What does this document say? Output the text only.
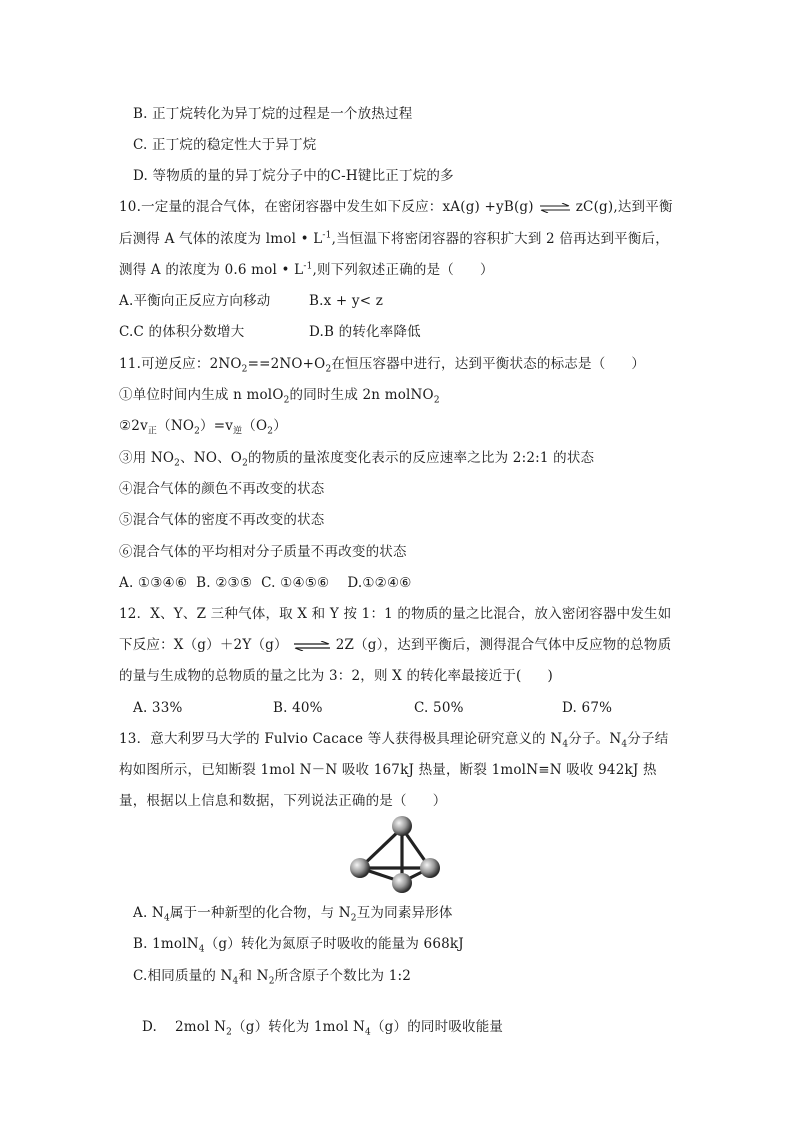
B. 正丁烷转化为异丁烷的过程是一个放热过程
C. 正丁烷的稳定性大于异丁烷
D. 等物质的量的异丁烷分子中的C-H键比正丁烷的多
10.一定量的混合气体，在密闭容器中发生如下反应：xA(g) +yB(g) ⇌ zC(g),达到平衡
后测得 A 气体的浓度为 lmol • $L^{-1}$,当恒温下将密闭容器的容积扩大到 2 倍再达到平衡后，
测得 A 的浓度为 0.6 mol • $L^{-1}$,则下列叙述正确的是（ ）
A.平衡向正反应方向移动	B.x + y< z
C.C 的体积分数增大	D.B 的转化率降低
11.可逆反应：$2NO_2==2NO+O_2$在恒压容器中进行，达到平衡状态的标志是（ ）
①单位时间内生成 n molO$_2$的同时生成 2n molNO$_2$
$②2v_正(NO_2)=v_逆(O_2)$
③用 $NO_2$、NO、$O_2$的物质的量浓度变化表示的反应速率之比为 2:2:1 的状态
④混合气体的颜色不再改变的状态
⑤混合气体的密度不再改变的状态
⑥混合气体的平均相对分子质量不再改变的状态
A. ①③④⑥  B. ②③⑤  C. ①④⑤⑥    D.①②④⑥
12．X、Y、Z 三种气体，取 X 和 Y 按 1：1 的物质的量之比混合，放入密闭容器中发生如
下反应：X（g）＋2Y（g） ⇌ 2Z（g），达到平衡后，测得混合气体中反应物的总物质
的量与生成物的总物质的量之比为 3：2，则 X 的转化率最接近于( )
A. 33%	B. 40%	C. 50%	D. 67%
13．意大利罗马大学的 Fulvio Cacace 等人获得极具理论研究意义的 $N_4$分子。$N_4$分子结
构如图所示，已知断裂 1mol N－N 吸收 167kJ 热量，断裂 1molN≡N 吸收 942kJ 热
量，根据以上信息和数据，下列说法正确的是（ ）
A. $N_4$属于一种新型的化合物，与 $N_2$互为同素异形体
B. 1molN$_4$（g）转化为氮原子时吸收的能量为 668kJ
C.相同质量的 $N_4$和 $N_2$所含原子个数比为 1:2

D.    2mol $N_2(g)$转化为 1mol $N_4(g)$的同时吸收能量
